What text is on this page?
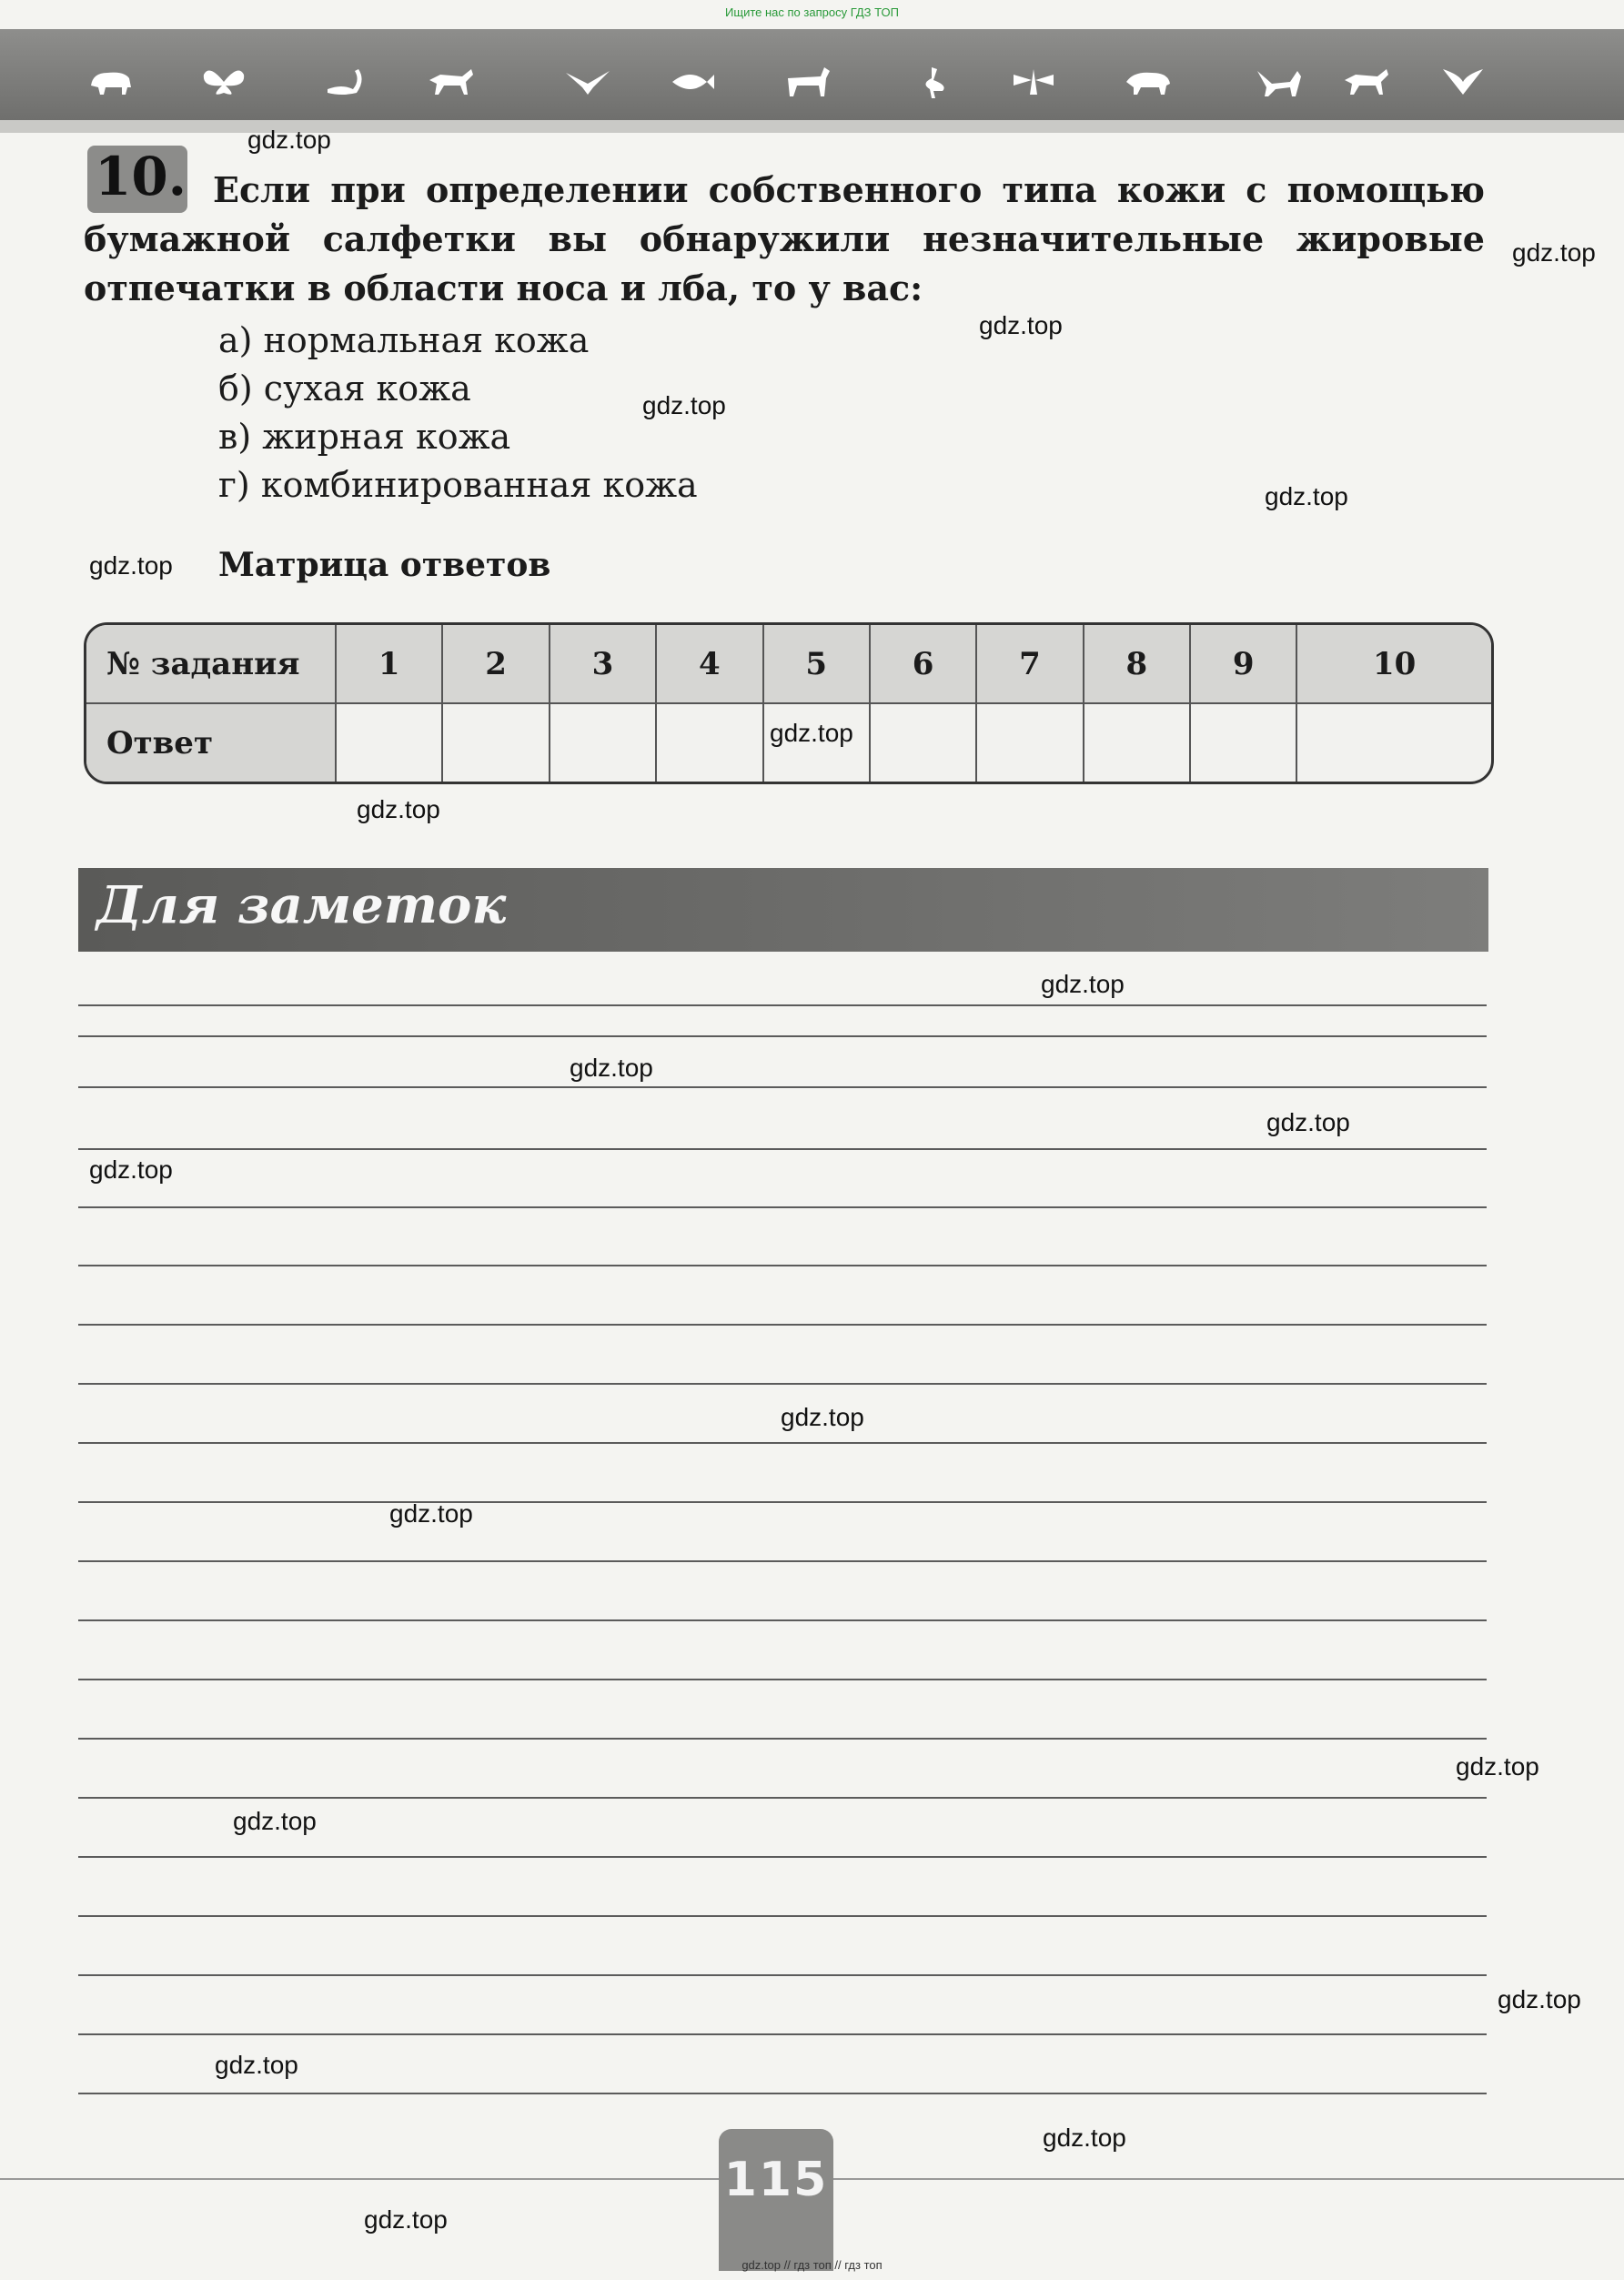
Ищите нас по запросу ГДЗ ТОП
10. Если при определении собственного типа кожи с помощью бумажной салфетки вы обнаружили незначительные жировые отпечатки в области носа и лба, то у вас:
а) нормальная кожа
б) сухая кожа
в) жирная кожа
г) комбинированная кожа
Матрица ответов
№ задания	1	2	3	4	5	6	7	8	9	10
Ответ										
Для заметок
115
gdz.top // гдз топ // гдз топ
gdz.top
gdz.top
gdz.top
gdz.top
gdz.top
gdz.top
gdz.top
gdz.top
gdz.top
gdz.top
gdz.top
gdz.top
gdz.top
gdz.top
gdz.top
gdz.top
gdz.top
gdz.top
gdz.top
gdz.top
